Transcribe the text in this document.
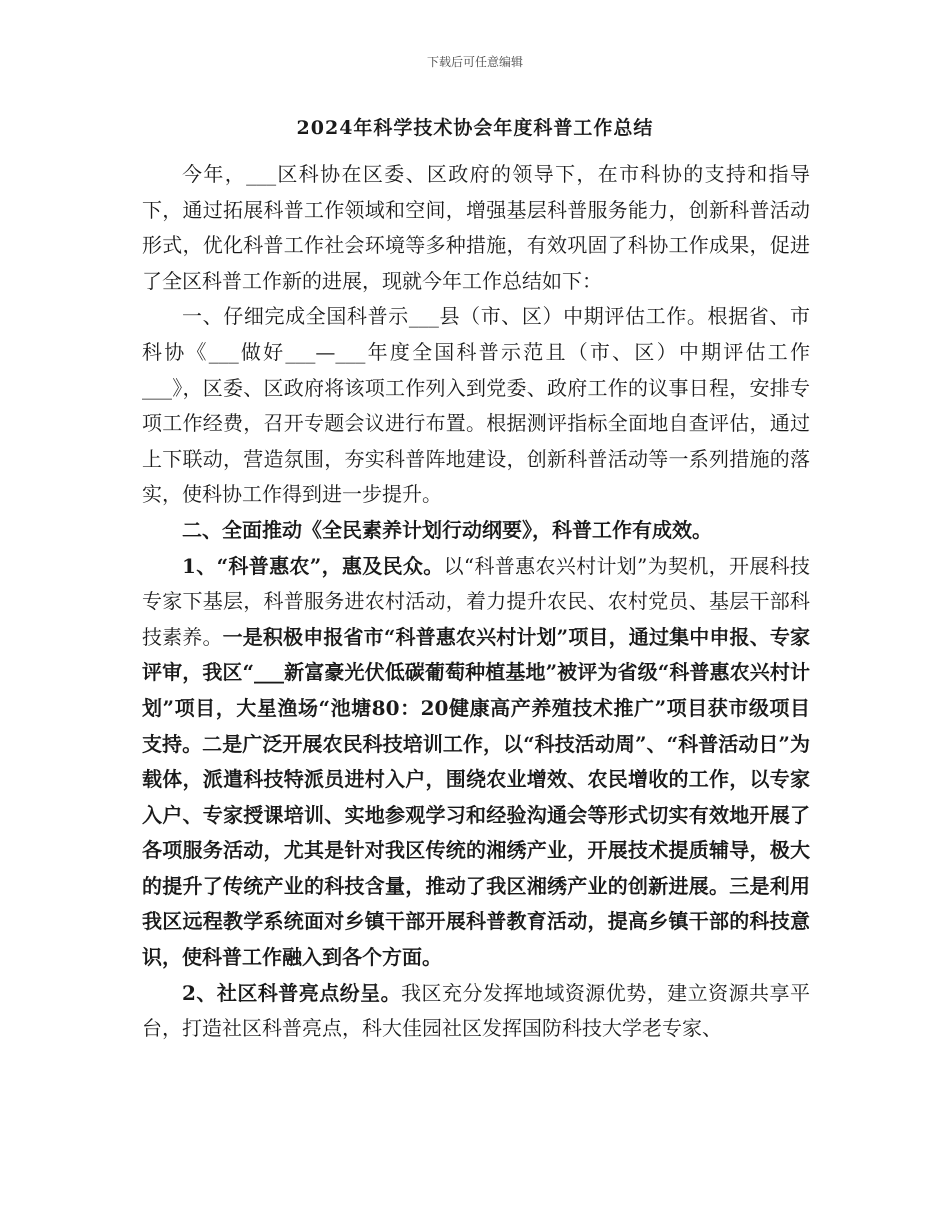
下载后可任意编辑
2024年科学技术协会年度科普工作总结

今年，___区科协在区委、区政府的领导下，在市科协的支持和指导下，通过拓展科普工作领域和空间，增强基层科普服务能力，创新科普活动形式，优化科普工作社会环境等多种措施，有效巩固了科协工作成果，促进了全区科普工作新的进展，现就今年工作总结如下：

一、仔细完成全国科普示___县（市、区）中期评估工作。根据省、市科协《___做好___—___年度全国科普示范且（市、区）中期评估工作___》，区委、区政府将该项工作列入到党委、政府工作的议事日程，安排专项工作经费，召开专题会议进行布置。根据测评指标全面地自查评估，通过上下联动，营造氛围，夯实科普阵地建设，创新科普活动等一系列措施的落实，使科协工作得到进一步提升。

二、全面推动《全民素养计划行动纲要》，科普工作有成效。

1、“科普惠农”，惠及民众。以“科普惠农兴村计划”为契机，开展科技专家下基层，科普服务进农村活动，着力提升农民、农村党员、基层干部科技素养。一是积极申报省市“科普惠农兴村计划”项目，通过集中申报、专家评审，我区“___新富豪光伏低碳葡萄种植基地”被评为省级“科普惠农兴村计划”项目，大星渔场“池塘80：20健康高产养殖技术推广”项目获市级项目支持。二是广泛开展农民科技培训工作，以“科技活动周”、“科普活动日”为载体，派遣科技特派员进村入户，围绕农业增效、农民增收的工作，以专家入户、专家授课培训、实地参观学习和经验沟通会等形式切实有效地开展了各项服务活动，尤其是针对我区传统的湘绣产业，开展技术提质辅导，极大的提升了传统产业的科技含量，推动了我区湘绣产业的创新进展。三是利用我区远程教学系统面对乡镇干部开展科普教育活动，提高乡镇干部的科技意识，使科普工作融入到各个方面。

2、社区科普亮点纷呈。我区充分发挥地域资源优势，建立资源共享平台，打造社区科普亮点，科大佳园社区发挥国防科技大学老专家、
